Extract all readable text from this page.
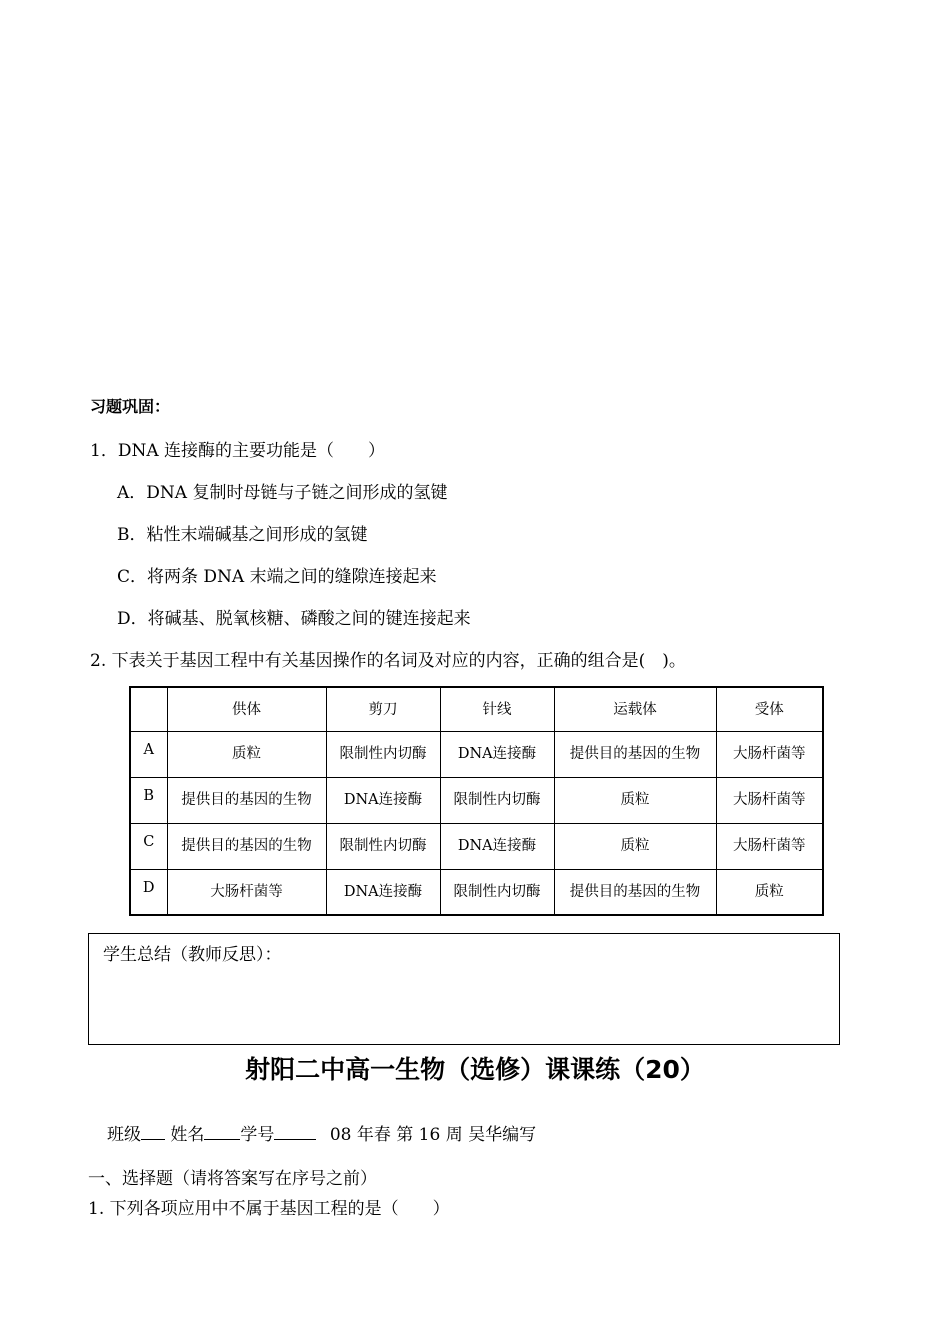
习题巩固：
1．DNA 连接酶的主要功能是（　　）
A．DNA 复制时母链与子链之间形成的氢键
B．粘性末端碱基之间形成的氢键
C．将两条 DNA 末端之间的缝隙连接起来
D．将碱基、脱氧核糖、磷酸之间的键连接起来
2. 下表关于基因工程中有关基因操作的名词及对应的内容，正确的组合是(　)。
	供体	剪刀	针线	运载体	受体
A	质粒	限制性内切酶	DNA连接酶	提供目的基因的生物	大肠杆菌等
B	提供目的基因的生物	DNA连接酶	限制性内切酶	质粒	大肠杆菌等
C	提供目的基因的生物	限制性内切酶	DNA连接酶	质粒	大肠杆菌等
D	大肠杆菌等	DNA连接酶	限制性内切酶	提供目的基因的生物	质粒
学生总结（教师反思）：
射阳二中高一生物（选修）课课练（20）
班级 姓名 学号	08 年春 第 16 周 吴华编写
一、选择题（请将答案写在序号之前）
1. 下列各项应用中不属于基因工程的是（　　）
